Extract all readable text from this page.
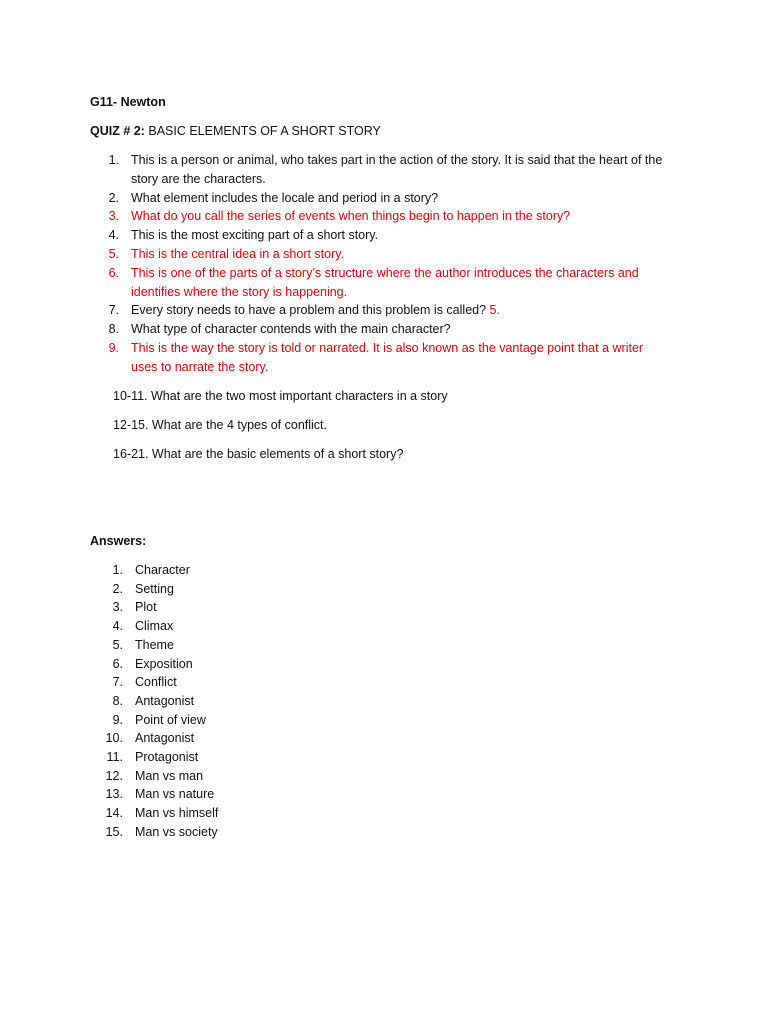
G11- Newton
QUIZ # 2: BASIC ELEMENTS OF A SHORT STORY
1. This is a person or animal, who takes part in the action of the story. It is said that the heart of the
story are the characters.
2. What element includes the locale and period in a story?
3. What do you call the series of events when things begin to happen in the story?
4. This is the most exciting part of a short story.
5. This is the central idea in a short story.
6. This is one of the parts of a story’s structure where the author introduces the characters and
identifies where the story is happening.
7. Every story needs to have a problem and this problem is called? 5.
8. What type of character contends with the main character?
9. This is the way the story is told or narrated. It is also known as the vantage point that a writer
uses to narrate the story.
10-11. What are the two most important characters in a story
12-15. What are the 4 types of conflict.
16-21. What are the basic elements of a short story?
Answers:
1. Character
2. Setting
3. Plot
4. Climax
5. Theme
6. Exposition
7. Conflict
8. Antagonist
9. Point of view
10. Antagonist
11. Protagonist
12. Man vs man
13. Man vs nature
14. Man vs himself
15. Man vs society
